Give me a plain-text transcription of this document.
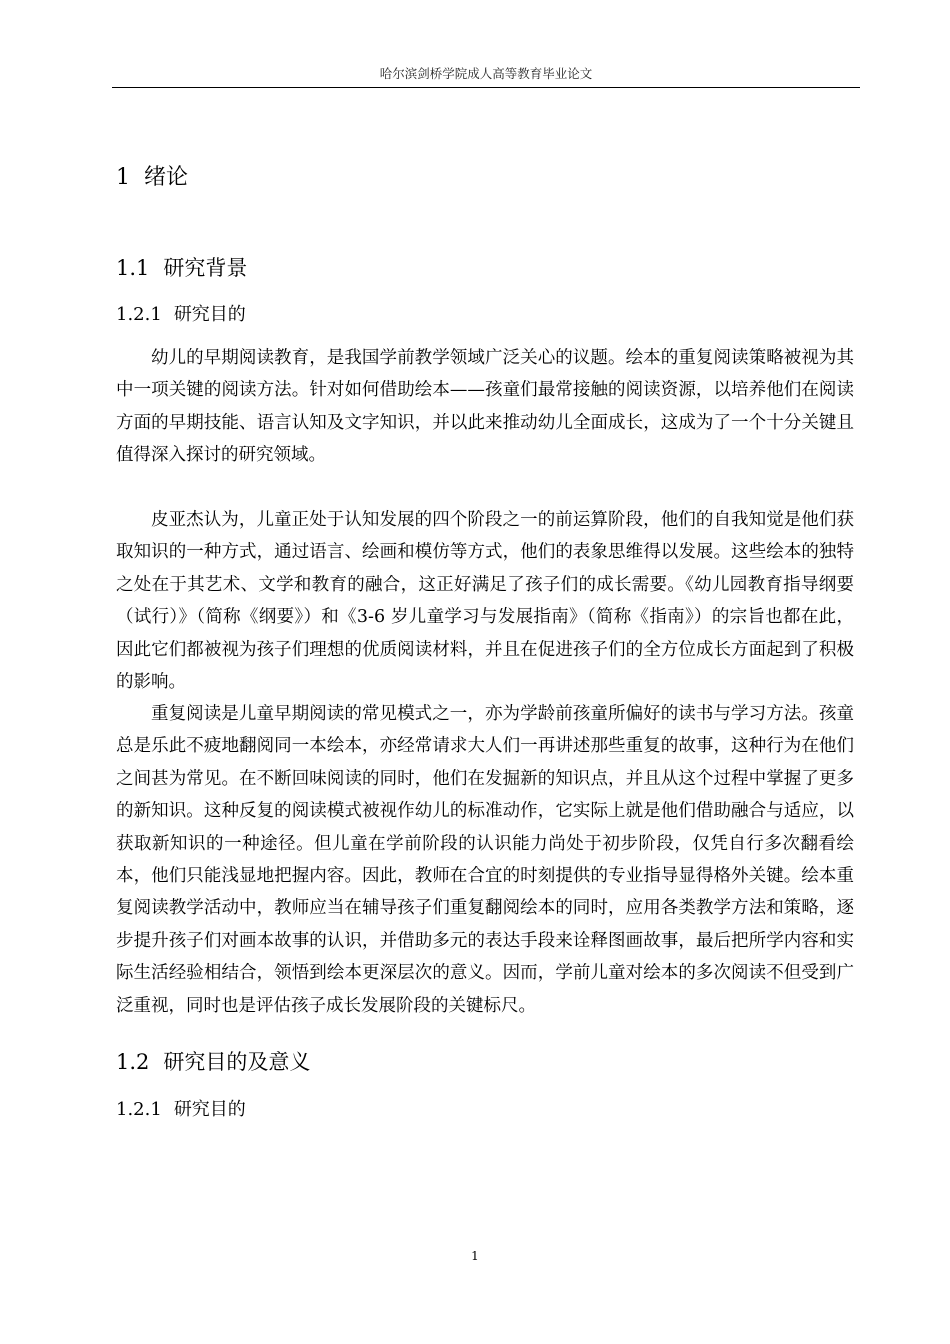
哈尔滨剑桥学院成人高等教育毕业论文
1 绪论
1.1 研究背景
1.2.1 研究目的

幼儿的早期阅读教育，是我国学前教学领域广泛关心的议题。绘本的重复阅读策略被视为其中一项关键的阅读方法。针对如何借助绘本——孩童们最常接触的阅读资源，以培养他们在阅读方面的早期技能、语言认知及文字知识，并以此来推动幼儿全面成长，这成为了一个十分关键且值得深入探讨的研究领域。

皮亚杰认为，儿童正处于认知发展的四个阶段之一的前运算阶段，他们的自我知觉是他们获取知识的一种方式，通过语言、绘画和模仿等方式，他们的表象思维得以发展。这些绘本的独特之处在于其艺术、文学和教育的融合，这正好满足了孩子们的成长需要。《幼儿园教育指导纲要（试行）》（简称《纲要》）和《3-6 岁儿童学习与发展指南》（简称《指南》）的宗旨也都在此，因此它们都被视为孩子们理想的优质阅读材料，并且在促进孩子们的全方位成长方面起到了积极的影响。

重复阅读是儿童早期阅读的常见模式之一，亦为学龄前孩童所偏好的读书与学习方法。孩童总是乐此不疲地翻阅同一本绘本，亦经常请求大人们一再讲述那些重复的故事，这种行为在他们之间甚为常见。在不断回味阅读的同时，他们在发掘新的知识点，并且从这个过程中掌握了更多的新知识。这种反复的阅读模式被视作幼儿的标准动作，它实际上就是他们借助融合与适应，以获取新知识的一种途径。但儿童在学前阶段的认识能力尚处于初步阶段，仅凭自行多次翻看绘本，他们只能浅显地把握内容。因此，教师在合宜的时刻提供的专业指导显得格外关键。绘本重复阅读教学活动中，教师应当在辅导孩子们重复翻阅绘本的同时，应用各类教学方法和策略，逐步提升孩子们对画本故事的认识，并借助多元的表达手段来诠释图画故事，最后把所学内容和实际生活经验相结合，领悟到绘本更深层次的意义。因而，学前儿童对绘本的多次阅读不但受到广泛重视，同时也是评估孩子成长发展阶段的关键标尺。

1.2 研究目的及意义
1.2.1 研究目的
1
